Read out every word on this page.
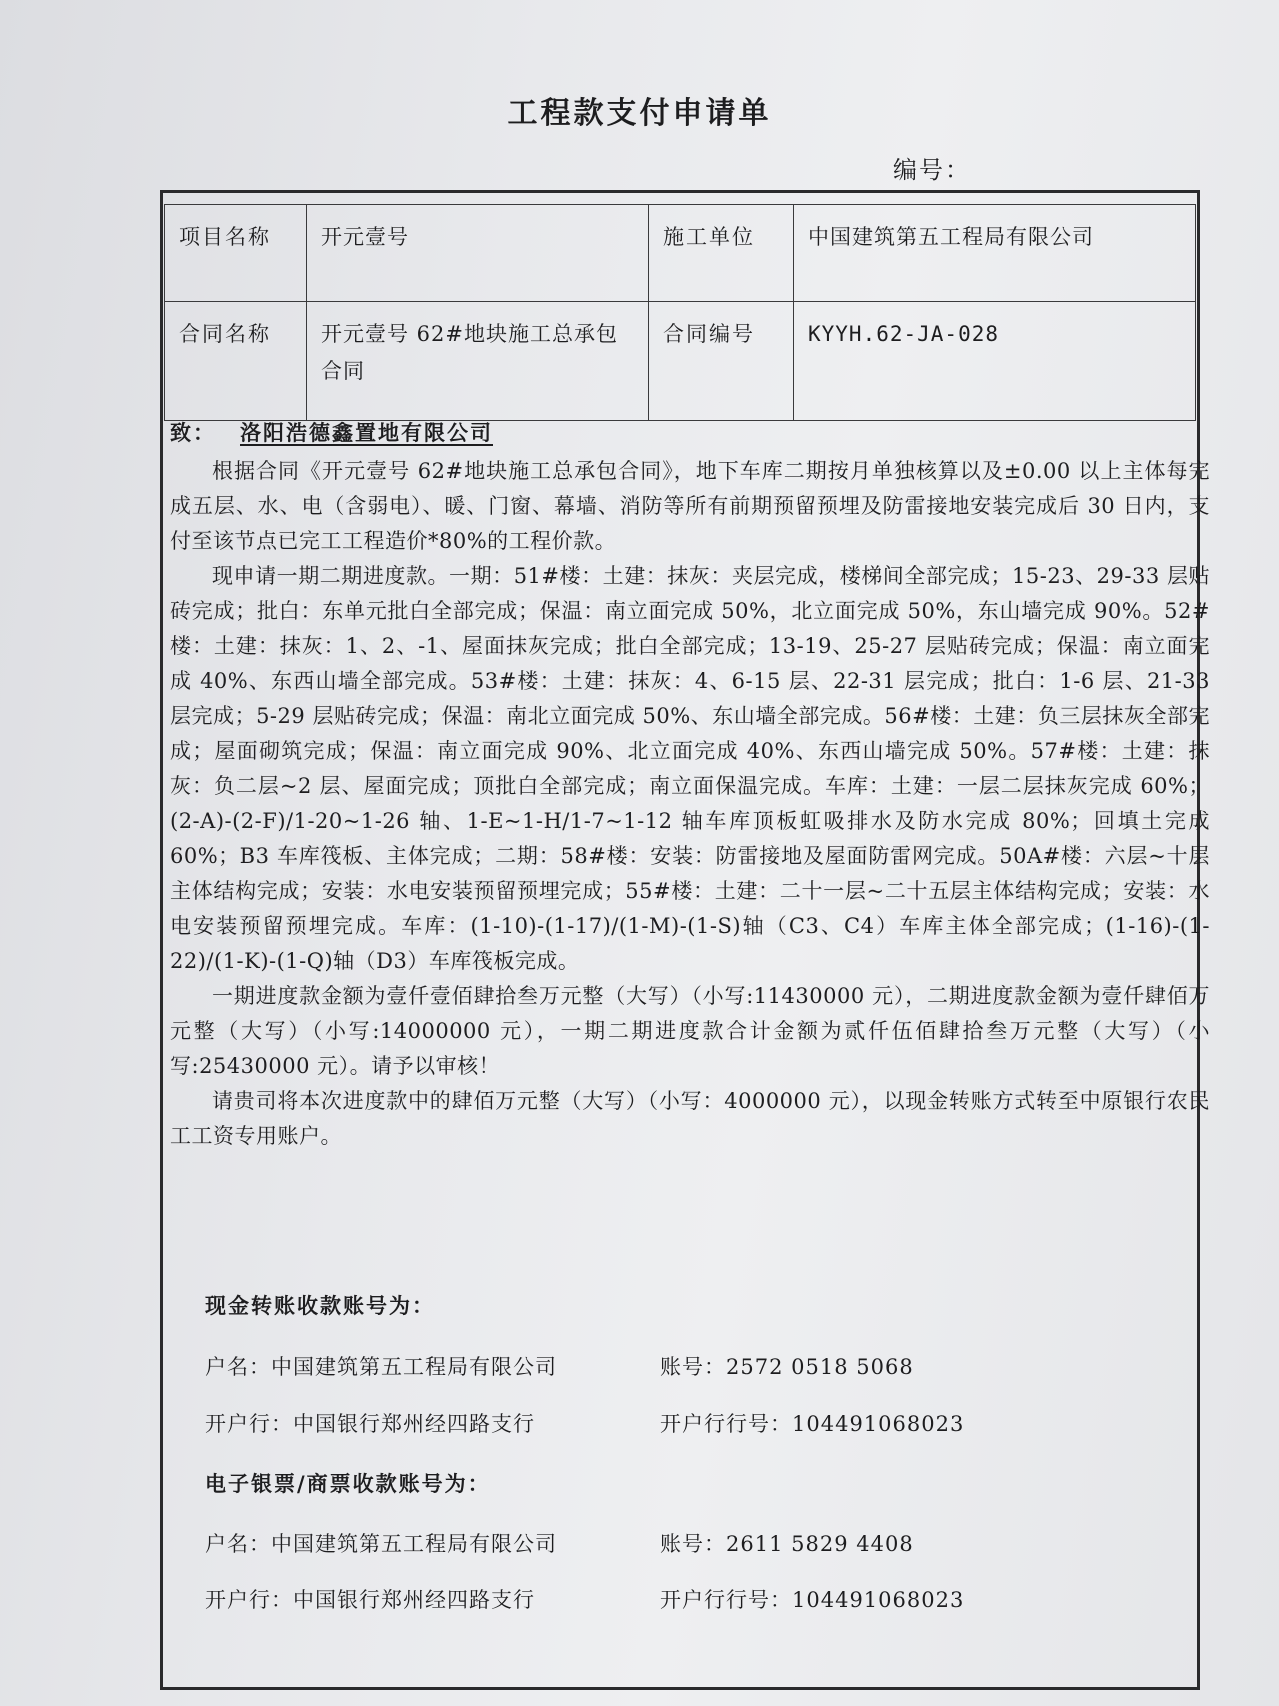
工程款支付申请单
编号：
项目名称	开元壹号	施工单位	中国建筑第五工程局有限公司
合同名称	开元壹号 62#地块施工总承包合同	合同编号	KYYH.62-JA-028
致： 洛阳浩德鑫置地有限公司

根据合同《开元壹号 62#地块施工总承包合同》，地下车库二期按月单独核算以及±0.00 以上主体每完成五层、水、电（含弱电）、暖、门窗、幕墙、消防等所有前期预留预埋及防雷接地安装完成后 30 日内，支付至该节点已完工工程造价*80%的工程价款。

现申请一期二期进度款。一期：51#楼：土建：抹灰：夹层完成，楼梯间全部完成；15-23、29-33 层贴砖完成；批白：东单元批白全部完成；保温：南立面完成 50%，北立面完成 50%，东山墙完成 90%。52#楼：土建：抹灰：1、2、-1、屋面抹灰完成；批白全部完成；13-19、25-27 层贴砖完成；保温：南立面完成 40%、东西山墙全部完成。53#楼：土建：抹灰：4、6-15 层、22-31 层完成；批白：1-6 层、21-33 层完成；5-29 层贴砖完成；保温：南北立面完成 50%、东山墙全部完成。56#楼：土建：负三层抹灰全部完成；屋面砌筑完成；保温：南立面完成 90%、北立面完成 40%、东西山墙完成 50%。57#楼：土建：抹灰：负二层~2 层、屋面完成；顶批白全部完成；南立面保温完成。车库：土建：一层二层抹灰完成 60%；(2-A)-(2-F)/1-20~1-26 轴、1-E~1-H/1-7~1-12 轴车库顶板虹吸排水及防水完成 80%；回填土完成 60%；B3 车库筏板、主体完成；二期：58#楼：安装：防雷接地及屋面防雷网完成。50A#楼：六层~十层主体结构完成；安装：水电安装预留预埋完成；55#楼：土建：二十一层~二十五层主体结构完成；安装：水电安装预留预埋完成。车库：(1-10)-(1-17)/(1-M)-(1-S)轴（C3、C4）车库主体全部完成；(1-16)-(1-22)/(1-K)-(1-Q)轴（D3）车库筏板完成。

一期进度款金额为壹仟壹佰肆拾叁万元整（大写）（小写:11430000 元），二期进度款金额为壹仟肆佰万元整（大写）（小写:14000000 元），一期二期进度款合计金额为贰仟伍佰肆拾叁万元整（大写）（小写:25430000 元）。请予以审核！

请贵司将本次进度款中的肆佰万元整（大写）（小写：4000000 元），以现金转账方式转至中原银行农民工工资专用账户。

现金转账收款账号为：
户名：中国建筑第五工程局有限公司	账号：2572 0518 5068
开户行：中国银行郑州经四路支行	开户行行号：104491068023
电子银票/商票收款账号为：
户名：中国建筑第五工程局有限公司	账号：2611 5829 4408
开户行：中国银行郑州经四路支行	开户行行号：104491068023
